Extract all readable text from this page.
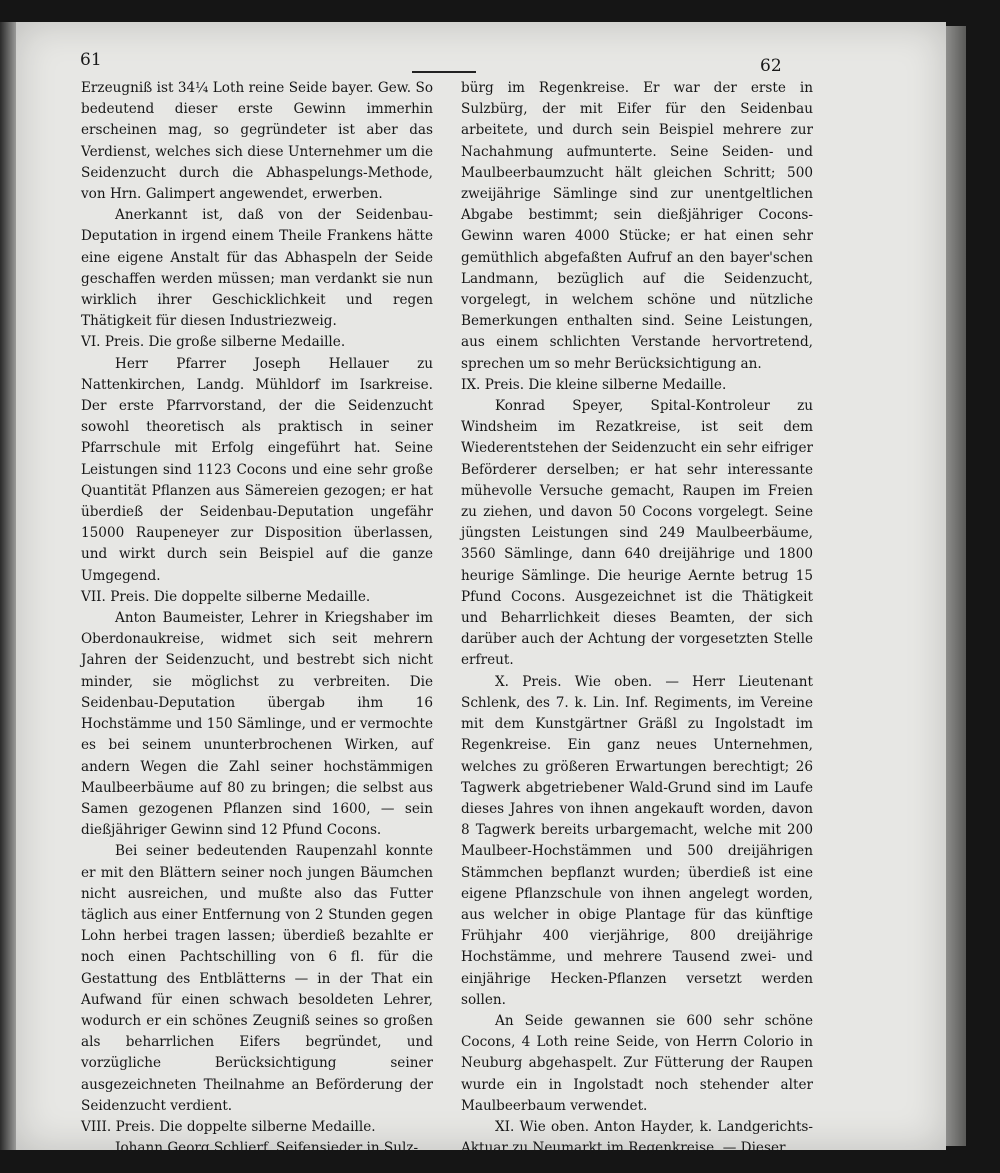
61	62

Erzeugniß ist 34¼ Loth reine Seide bayer. Gew. So bedeutend dieser erste Gewinn immerhin erscheinen mag, so gegründeter ist aber das Verdienst, welches sich diese Unternehmer um die Seidenzucht durch die Abhaspelungs-Methode, von Hrn. Galimpert angewendet, erwerben.

Anerkannt ist, daß von der Seidenbau-Deputation in irgend einem Theile Frankens hätte eine eigene Anstalt für das Abhaspeln der Seide geschaffen werden müssen; man verdankt sie nun wirklich ihrer Geschicklichkeit und regen Thätigkeit für diesen Industriezweig.

VI. Preis. Die große silberne Medaille.

Herr Pfarrer Joseph Hellauer zu Nattenkirchen, Landg. Mühldorf im Isarkreise. Der erste Pfarrvorstand, der die Seidenzucht sowohl theoretisch als praktisch in seiner Pfarrschule mit Erfolg eingeführt hat. Seine Leistungen sind 1123 Cocons und eine sehr große Quantität Pflanzen aus Sämereien gezogen; er hat überdieß der Seidenbau-Deputation ungefähr 15000 Raupeneyer zur Disposition überlassen, und wirkt durch sein Beispiel auf die ganze Umgegend.

VII. Preis. Die doppelte silberne Medaille.

Anton Baumeister, Lehrer in Kriegshaber im Oberdonaukreise, widmet sich seit mehrern Jahren der Seidenzucht, und bestrebt sich nicht minder, sie möglichst zu verbreiten. Die Seidenbau-Deputation übergab ihm 16 Hochstämme und 150 Sämlinge, und er vermochte es bei seinem ununterbrochenen Wirken, auf andern Wegen die Zahl seiner hochstämmigen Maulbeerbäume auf 80 zu bringen; die selbst aus Samen gezogenen Pflanzen sind 1600, — sein dießjähriger Gewinn sind 12 Pfund Cocons.

Bei seiner bedeutenden Raupenzahl konnte er mit den Blättern seiner noch jungen Bäumchen nicht ausreichen, und mußte also das Futter täglich aus einer Entfernung von 2 Stunden gegen Lohn herbei tragen lassen; überdieß bezahlte er noch einen Pachtschilling von 6 fl. für die Gestattung des Entblätterns — in der That ein Aufwand für einen schwach besoldeten Lehrer, wodurch er ein schönes Zeugniß seines so großen als beharrlichen Eifers begründet, und vorzügliche Berücksichtigung seiner ausgezeichneten Theilnahme an Beförderung der Seidenzucht verdient.

VIII. Preis. Die doppelte silberne Medaille.

Johann Georg Schlierf, Seifensieder in Sulz-

bürg im Regenkreise. Er war der erste in Sulzbürg, der mit Eifer für den Seidenbau arbeitete, und durch sein Beispiel mehrere zur Nachahmung aufmunterte. Seine Seiden- und Maulbeerbaumzucht hält gleichen Schritt; 500 zweijährige Sämlinge sind zur unentgeltlichen Abgabe bestimmt; sein dießjähriger Cocons-Gewinn waren 4000 Stücke; er hat einen sehr gemüthlich abgefaßten Aufruf an den bayer'schen Landmann, bezüglich auf die Seidenzucht, vorgelegt, in welchem schöne und nützliche Bemerkungen enthalten sind. Seine Leistungen, aus einem schlichten Verstande hervortretend, sprechen um so mehr Berücksichtigung an.

IX. Preis. Die kleine silberne Medaille.

Konrad Speyer, Spital-Kontroleur zu Windsheim im Rezatkreise, ist seit dem Wiederentstehen der Seidenzucht ein sehr eifriger Beförderer derselben; er hat sehr interessante mühevolle Versuche gemacht, Raupen im Freien zu ziehen, und davon 50 Cocons vorgelegt. Seine jüngsten Leistungen sind 249 Maulbeerbäume, 3560 Sämlinge, dann 640 dreijährige und 1800 heurige Sämlinge. Die heurige Aernte betrug 15 Pfund Cocons. Ausgezeichnet ist die Thätigkeit und Beharrlichkeit dieses Beamten, der sich darüber auch der Achtung der vorgesetzten Stelle erfreut.

X. Preis. Wie oben. — Herr Lieutenant Schlenk, des 7. k. Lin. Inf. Regiments, im Vereine mit dem Kunstgärtner Gräßl zu Ingolstadt im Regenkreise. Ein ganz neues Unternehmen, welches zu größeren Erwartungen berechtigt; 26 Tagwerk abgetriebener Wald-Grund sind im Laufe dieses Jahres von ihnen angekauft worden, davon 8 Tagwerk bereits urbargemacht, welche mit 200 Maulbeer-Hochstämmen und 500 dreijährigen Stämmchen bepflanzt wurden; überdieß ist eine eigene Pflanzschule von ihnen angelegt worden, aus welcher in obige Plantage für das künftige Frühjahr 400 vierjährige, 800 dreijährige Hochstämme, und mehrere Tausend zwei- und einjährige Hecken-Pflanzen versetzt werden sollen.

An Seide gewannen sie 600 sehr schöne Cocons, 4 Loth reine Seide, von Herrn Colorio in Neuburg abgehaspelt. Zur Fütterung der Raupen wurde ein in Ingolstadt noch stehender alter Maulbeerbaum verwendet.

XI. Wie oben. Anton Hayder, k. Landgerichts-Aktuar zu Neumarkt im Regenkreise. — Dieser
